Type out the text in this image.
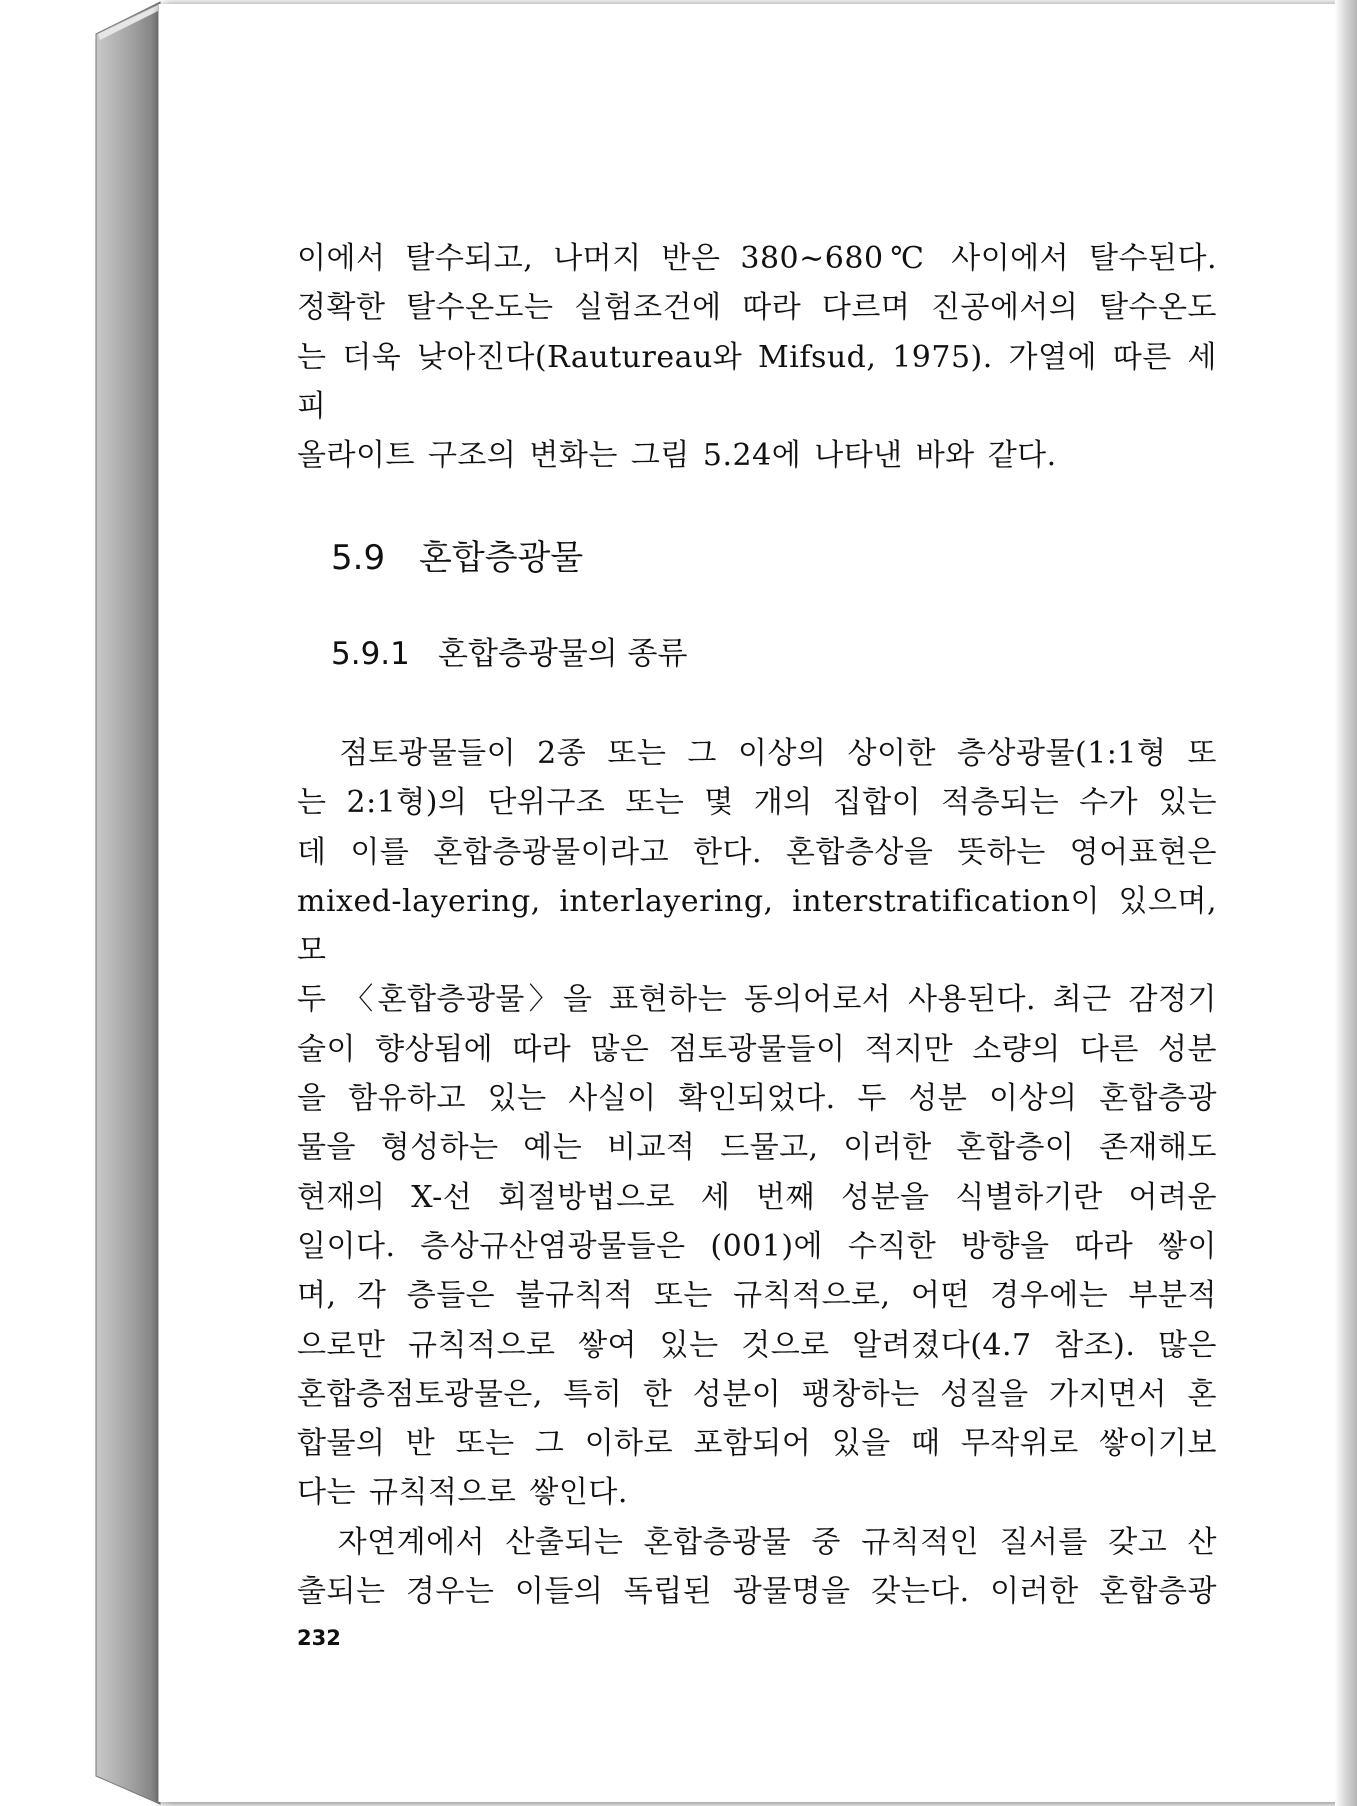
이에서 탈수되고, 나머지 반은 380∼680℃ 사이에서 탈수된다.

정확한 탈수온도는 실험조건에 따라 다르며 진공에서의 탈수온도

는 더욱 낮아진다(Rautureau와 Mifsud, 1975). 가열에 따른 세피

올라이트 구조의 변화는 그림 5.24에 나타낸 바와 같다.

5.9 혼합층광물
5.9.1 혼합층광물의 종류

점토광물들이 2종 또는 그 이상의 상이한 층상광물(1:1형 또

는 2:1형)의 단위구조 또는 몇 개의 집합이 적층되는 수가 있는

데 이를 혼합층광물이라고 한다. 혼합층상을 뜻하는 영어표현은

mixed-layering, interlayering, interstratification이 있으며, 모

두 〈혼합층광물〉을 표현하는 동의어로서 사용된다. 최근 감정기

술이 향상됨에 따라 많은 점토광물들이 적지만 소량의 다른 성분

을 함유하고 있는 사실이 확인되었다. 두 성분 이상의 혼합층광

물을 형성하는 예는 비교적 드물고, 이러한 혼합층이 존재해도

현재의 X-선 회절방법으로 세 번째 성분을 식별하기란 어려운

일이다. 층상규산염광물들은 (001)에 수직한 방향을 따라 쌓이

며, 각 층들은 불규칙적 또는 규칙적으로, 어떤 경우에는 부분적

으로만 규칙적으로 쌓여 있는 것으로 알려졌다(4.7 참조). 많은

혼합층점토광물은, 특히 한 성분이 팽창하는 성질을 가지면서 혼

합물의 반 또는 그 이하로 포함되어 있을 때 무작위로 쌓이기보

다는 규칙적으로 쌓인다.

자연계에서 산출되는 혼합층광물 중 규칙적인 질서를 갖고 산

출되는 경우는 이들의 독립된 광물명을 갖는다. 이러한 혼합층광

232
